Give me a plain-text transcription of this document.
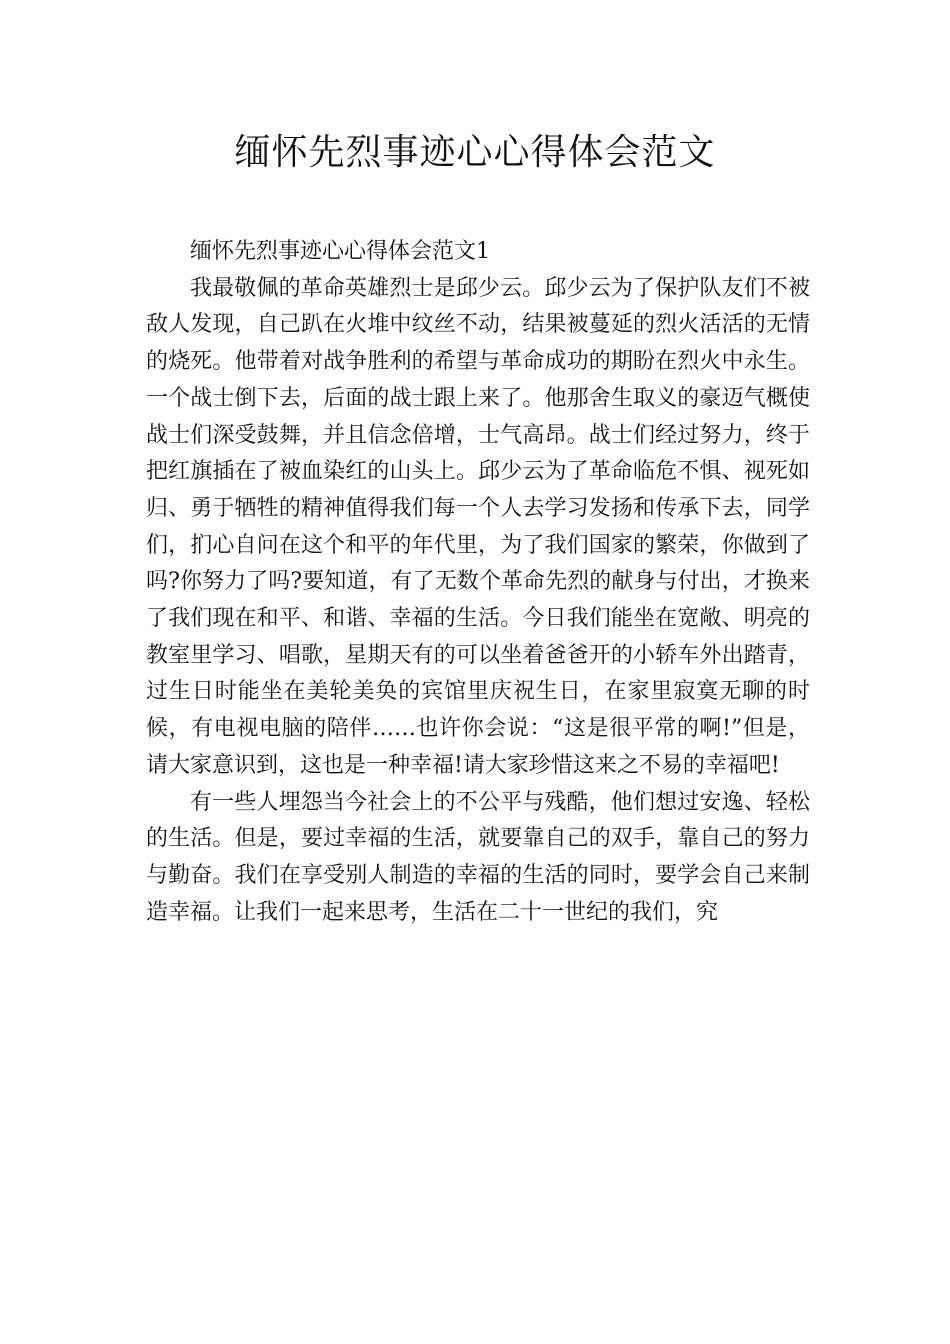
缅怀先烈事迹心心得体会范文

缅怀先烈事迹心心得体会范文1

我最敬佩的革命英雄烈士是邱少云。邱少云为了保护队友们不被敌人发现，自己趴在火堆中纹丝不动，结果被蔓延的烈火活活的无情的烧死。他带着对战争胜利的希望与革命成功的期盼在烈火中永生。一个战士倒下去，后面的战士跟上来了。他那舍生取义的豪迈气概使战士们深受鼓舞，并且信念倍增，士气高昂。战士们经过努力，终于把红旗插在了被血染红的山头上。邱少云为了革命临危不惧、视死如归、勇于牺牲的精神值得我们每一个人去学习发扬和传承下去，同学们，扪心自问在这个和平的年代里，为了我们国家的繁荣，你做到了吗?你努力了吗?要知道，有了无数个革命先烈的献身与付出，才换来了我们现在和平、和谐、幸福的生活。今日我们能坐在宽敞、明亮的教室里学习、唱歌，星期天有的可以坐着爸爸开的小轿车外出踏青，过生日时能坐在美轮美奂的宾馆里庆祝生日，在家里寂寞无聊的时候，有电视电脑的陪伴……也许你会说：“这是很平常的啊!”但是，请大家意识到，这也是一种幸福!请大家珍惜这来之不易的幸福吧!

有一些人埋怨当今社会上的不公平与残酷，他们想过安逸、轻松的生活。但是，要过幸福的生活，就要靠自己的双手，靠自己的努力与勤奋。我们在享受别人制造的幸福的生活的同时，要学会自己来制造幸福。让我们一起来思考，生活在二十一世纪的我们，究
